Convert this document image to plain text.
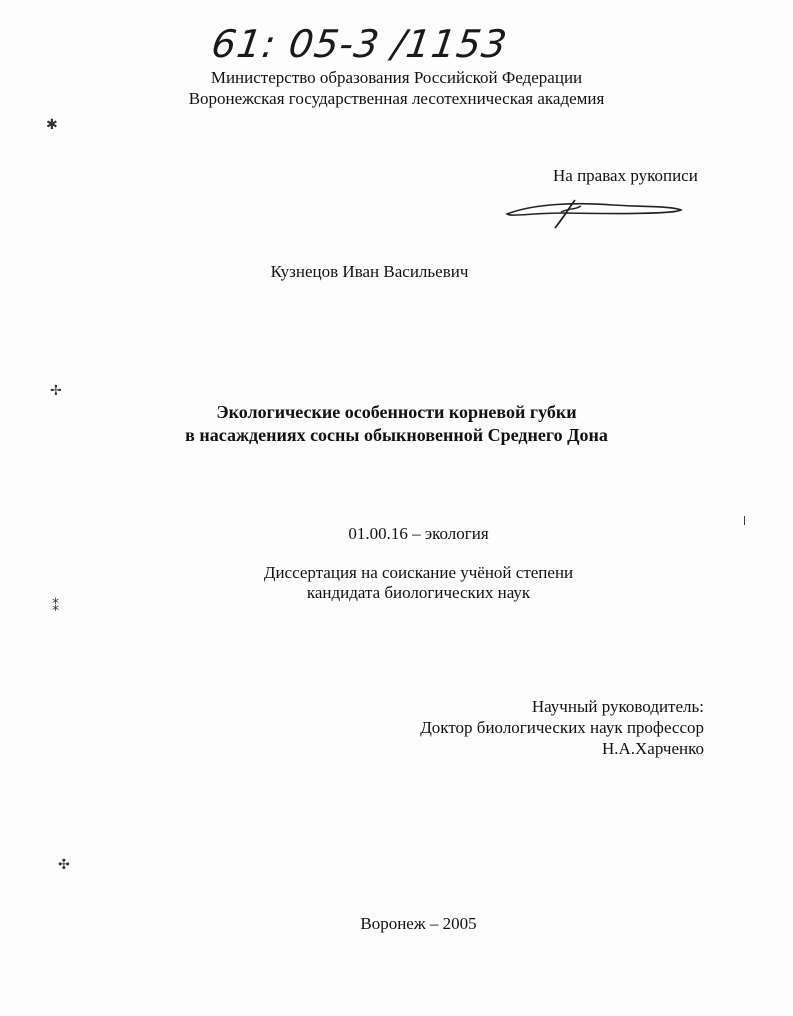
61: 05-3 /1153
Министерство образования Российской Федерации
Воронежская государственная лесотехническая академия
На правах рукописи
Кузнецов Иван Васильевич
Экологические особенности корневой губки
в насаждениях сосны обыкновенной Среднего Дона
01.00.16 – экология
Диссертация на соискание учёной степени
кандидата биологических наук
Научный руководитель:
Доктор биологических наук профессор
Н.А.Харченко
Воронеж – 2005
✱
✢
⁑
✣
ǀ
